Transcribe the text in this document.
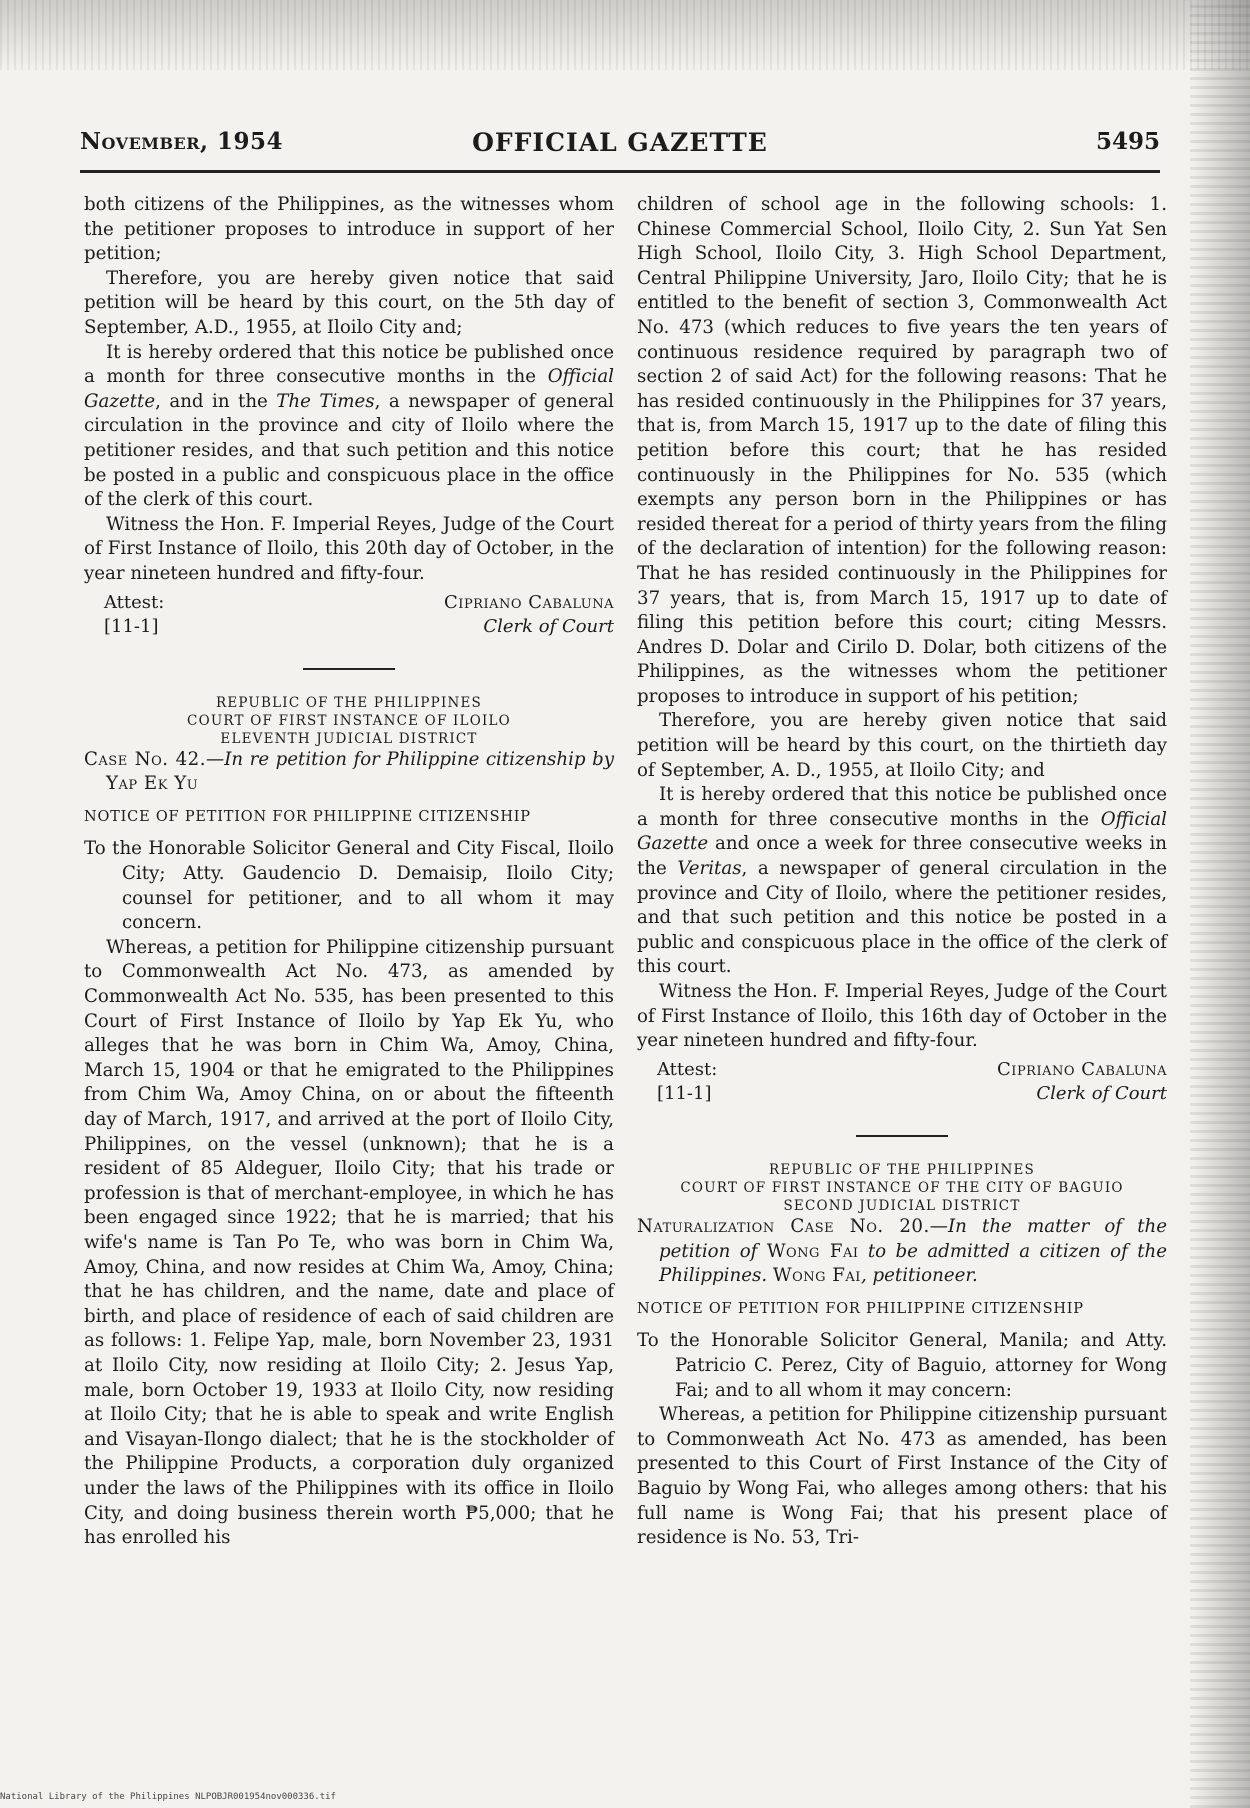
November, 1954	OFFICIAL GAZETTE	5495

both citizens of the Philippines, as the witnesses whom the petitioner proposes to introduce in support of her petition;

Therefore, you are hereby given notice that said petition will be heard by this court, on the 5th day of September, A.D., 1955, at Iloilo City and;

It is hereby ordered that this notice be published once a month for three consecutive months in the Official Gazette, and in the The Times, a newspaper of general circulation in the province and city of Iloilo where the petitioner resides, and that such petition and this notice be posted in a public and conspicuous place in the office of the clerk of this court.

Witness the Hon. F. Imperial Reyes, Judge of the Court of First Instance of Iloilo, this 20th day of October, in the year nineteen hundred and fifty-four.

Attest:
[11-1]
Cipriano Cabaluna
Clerk of Court
REPUBLIC OF THE PHILIPPINES
COURT OF FIRST INSTANCE OF ILOILO
ELEVENTH JUDICIAL DISTRICT

Case No. 42.—In re petition for Philippine citizenship by Yap Ek Yu

NOTICE OF PETITION FOR PHILIPPINE CITIZENSHIP

To the Honorable Solicitor General and City Fiscal, Iloilo City; Atty. Gaudencio D. Demaisip, Iloilo City; counsel for petitioner, and to all whom it may concern.

Whereas, a petition for Philippine citizenship pursuant to Commonwealth Act No. 473, as amended by Commonwealth Act No. 535, has been presented to this Court of First Instance of Iloilo by Yap Ek Yu, who alleges that he was born in Chim Wa, Amoy, China, March 15, 1904 or that he emigrated to the Philippines from Chim Wa, Amoy China, on or about the fifteenth day of March, 1917, and arrived at the port of Iloilo City, Philippines, on the vessel (unknown); that he is a resident of 85 Aldeguer, Iloilo City; that his trade or profession is that of merchant-employee, in which he has been engaged since 1922; that he is married; that his wife's name is Tan Po Te, who was born in Chim Wa, Amoy, China, and now resides at Chim Wa, Amoy, China; that he has children, and the name, date and place of birth, and place of residence of each of said children are as follows: 1. Felipe Yap, male, born November 23, 1931 at Iloilo City, now residing at Iloilo City; 2. Jesus Yap, male, born October 19, 1933 at Iloilo City, now residing at Iloilo City; that he is able to speak and write English and Visayan-Ilongo dialect; that he is the stockholder of the Philippine Products, a corporation duly organized under the laws of the Philippines with its office in Iloilo City, and doing business therein worth ₱5,000; that he has enrolled his

children of school age in the following schools: 1. Chinese Commercial School, Iloilo City, 2. Sun Yat Sen High School, Iloilo City, 3. High School Department, Central Philippine University, Jaro, Iloilo City; that he is entitled to the benefit of section 3, Commonwealth Act No. 473 (which reduces to five years the ten years of continuous residence required by paragraph two of section 2 of said Act) for the following reasons: That he has resided continuously in the Philippines for 37 years, that is, from March 15, 1917 up to the date of filing this petition before this court; that he has resided continuously in the Philippines for No. 535 (which exempts any person born in the Philippines or has resided thereat for a period of thirty years from the filing of the declaration of intention) for the following reason: That he has resided continuously in the Philippines for 37 years, that is, from March 15, 1917 up to date of filing this petition before this court; citing Messrs. Andres D. Dolar and Cirilo D. Dolar, both citizens of the Philippines, as the witnesses whom the petitioner proposes to introduce in support of his petition;

Therefore, you are hereby given notice that said petition will be heard by this court, on the thirtieth day of September, A. D., 1955, at Iloilo City; and

It is hereby ordered that this notice be published once a month for three consecutive months in the Official Gazette and once a week for three consecutive weeks in the Veritas, a newspaper of general circulation in the province and City of Iloilo, where the petitioner resides, and that such petition and this notice be posted in a public and conspicuous place in the office of the clerk of this court.

Witness the Hon. F. Imperial Reyes, Judge of the Court of First Instance of Iloilo, this 16th day of October in the year nineteen hundred and fifty-four.

Attest:
[11-1]
Cipriano Cabaluna
Clerk of Court
REPUBLIC OF THE PHILIPPINES
COURT OF FIRST INSTANCE OF THE CITY OF BAGUIO
SECOND JUDICIAL DISTRICT

Naturalization Case No. 20.—In the matter of the petition of Wong Fai to be admitted a citizen of the Philippines. Wong Fai, petitioneer.

NOTICE OF PETITION FOR PHILIPPINE CITIZENSHIP

To the Honorable Solicitor General, Manila; and Atty. Patricio C. Perez, City of Baguio, attorney for Wong Fai; and to all whom it may concern:

Whereas, a petition for Philippine citizenship pursuant to Commonweath Act No. 473 as amended, has been presented to this Court of First Instance of the City of Baguio by Wong Fai, who alleges among others: that his full name is Wong Fai; that his present place of residence is No. 53, Tri-

National Library of the Philippines NLPOBJR001954nov000336.tif
